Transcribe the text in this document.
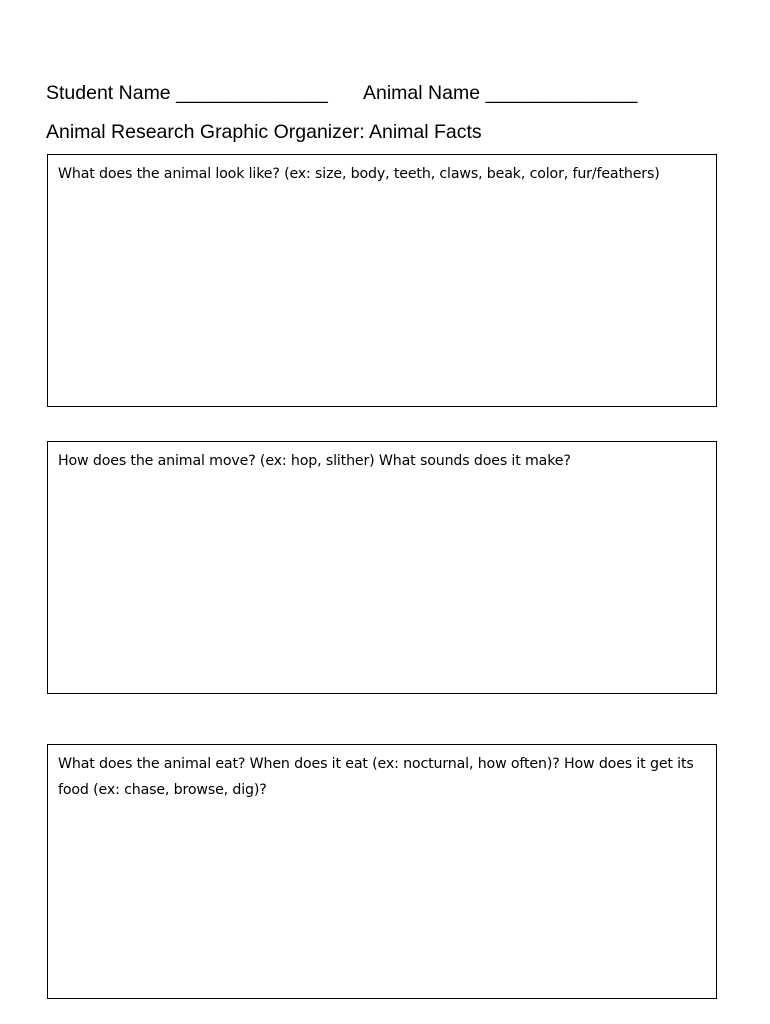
Student Name ______________ Animal Name ______________
Animal Research Graphic Organizer: Animal Facts

What does the animal look like? (ex: size, body, teeth, claws, beak, color, fur/feathers)

How does the animal move? (ex: hop, slither) What sounds does it make?

What does the animal eat? When does it eat (ex: nocturnal, how often)? How does it get its food (ex: chase, browse, dig)?
